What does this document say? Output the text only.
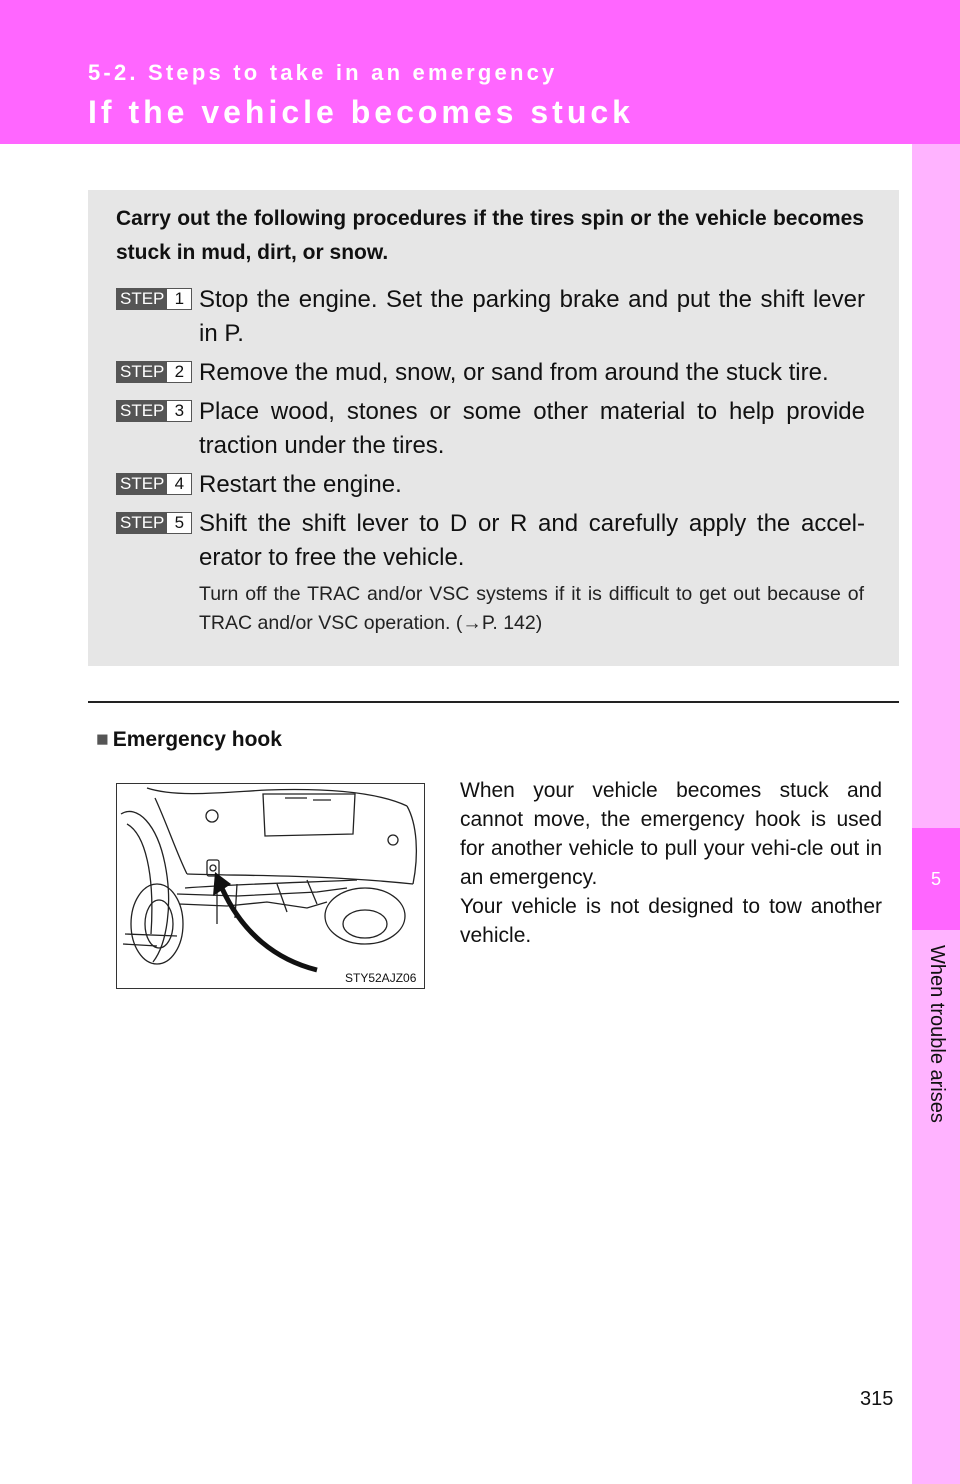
5-2. Steps to take in an emergency
If the vehicle becomes stuck
5
When trouble arises
Carry out the following procedures if the tires spin or the vehicle becomes stuck in mud, dirt, or snow.
STEP 1 Stop the engine. Set the parking brake and put the shift lever in P.
STEP 2 Remove the mud, snow, or sand from around the stuck tire.
STEP 3 Place wood, stones or some other material to help provide traction under the tires.
STEP 4 Restart the engine.
STEP 5 Shift the shift lever to D or R and carefully apply the accel-erator to free the vehicle.
Turn off the TRAC and/or VSC systems if it is difficult to get out because of TRAC and/or VSC operation. (→P. 142)
■ Emergency hook
STY52AJZ06

When your vehicle becomes stuck and cannot move, the emergency hook is used for another vehicle to pull your vehi-cle out in an emergency.

Your vehicle is not designed to tow another vehicle.

315
